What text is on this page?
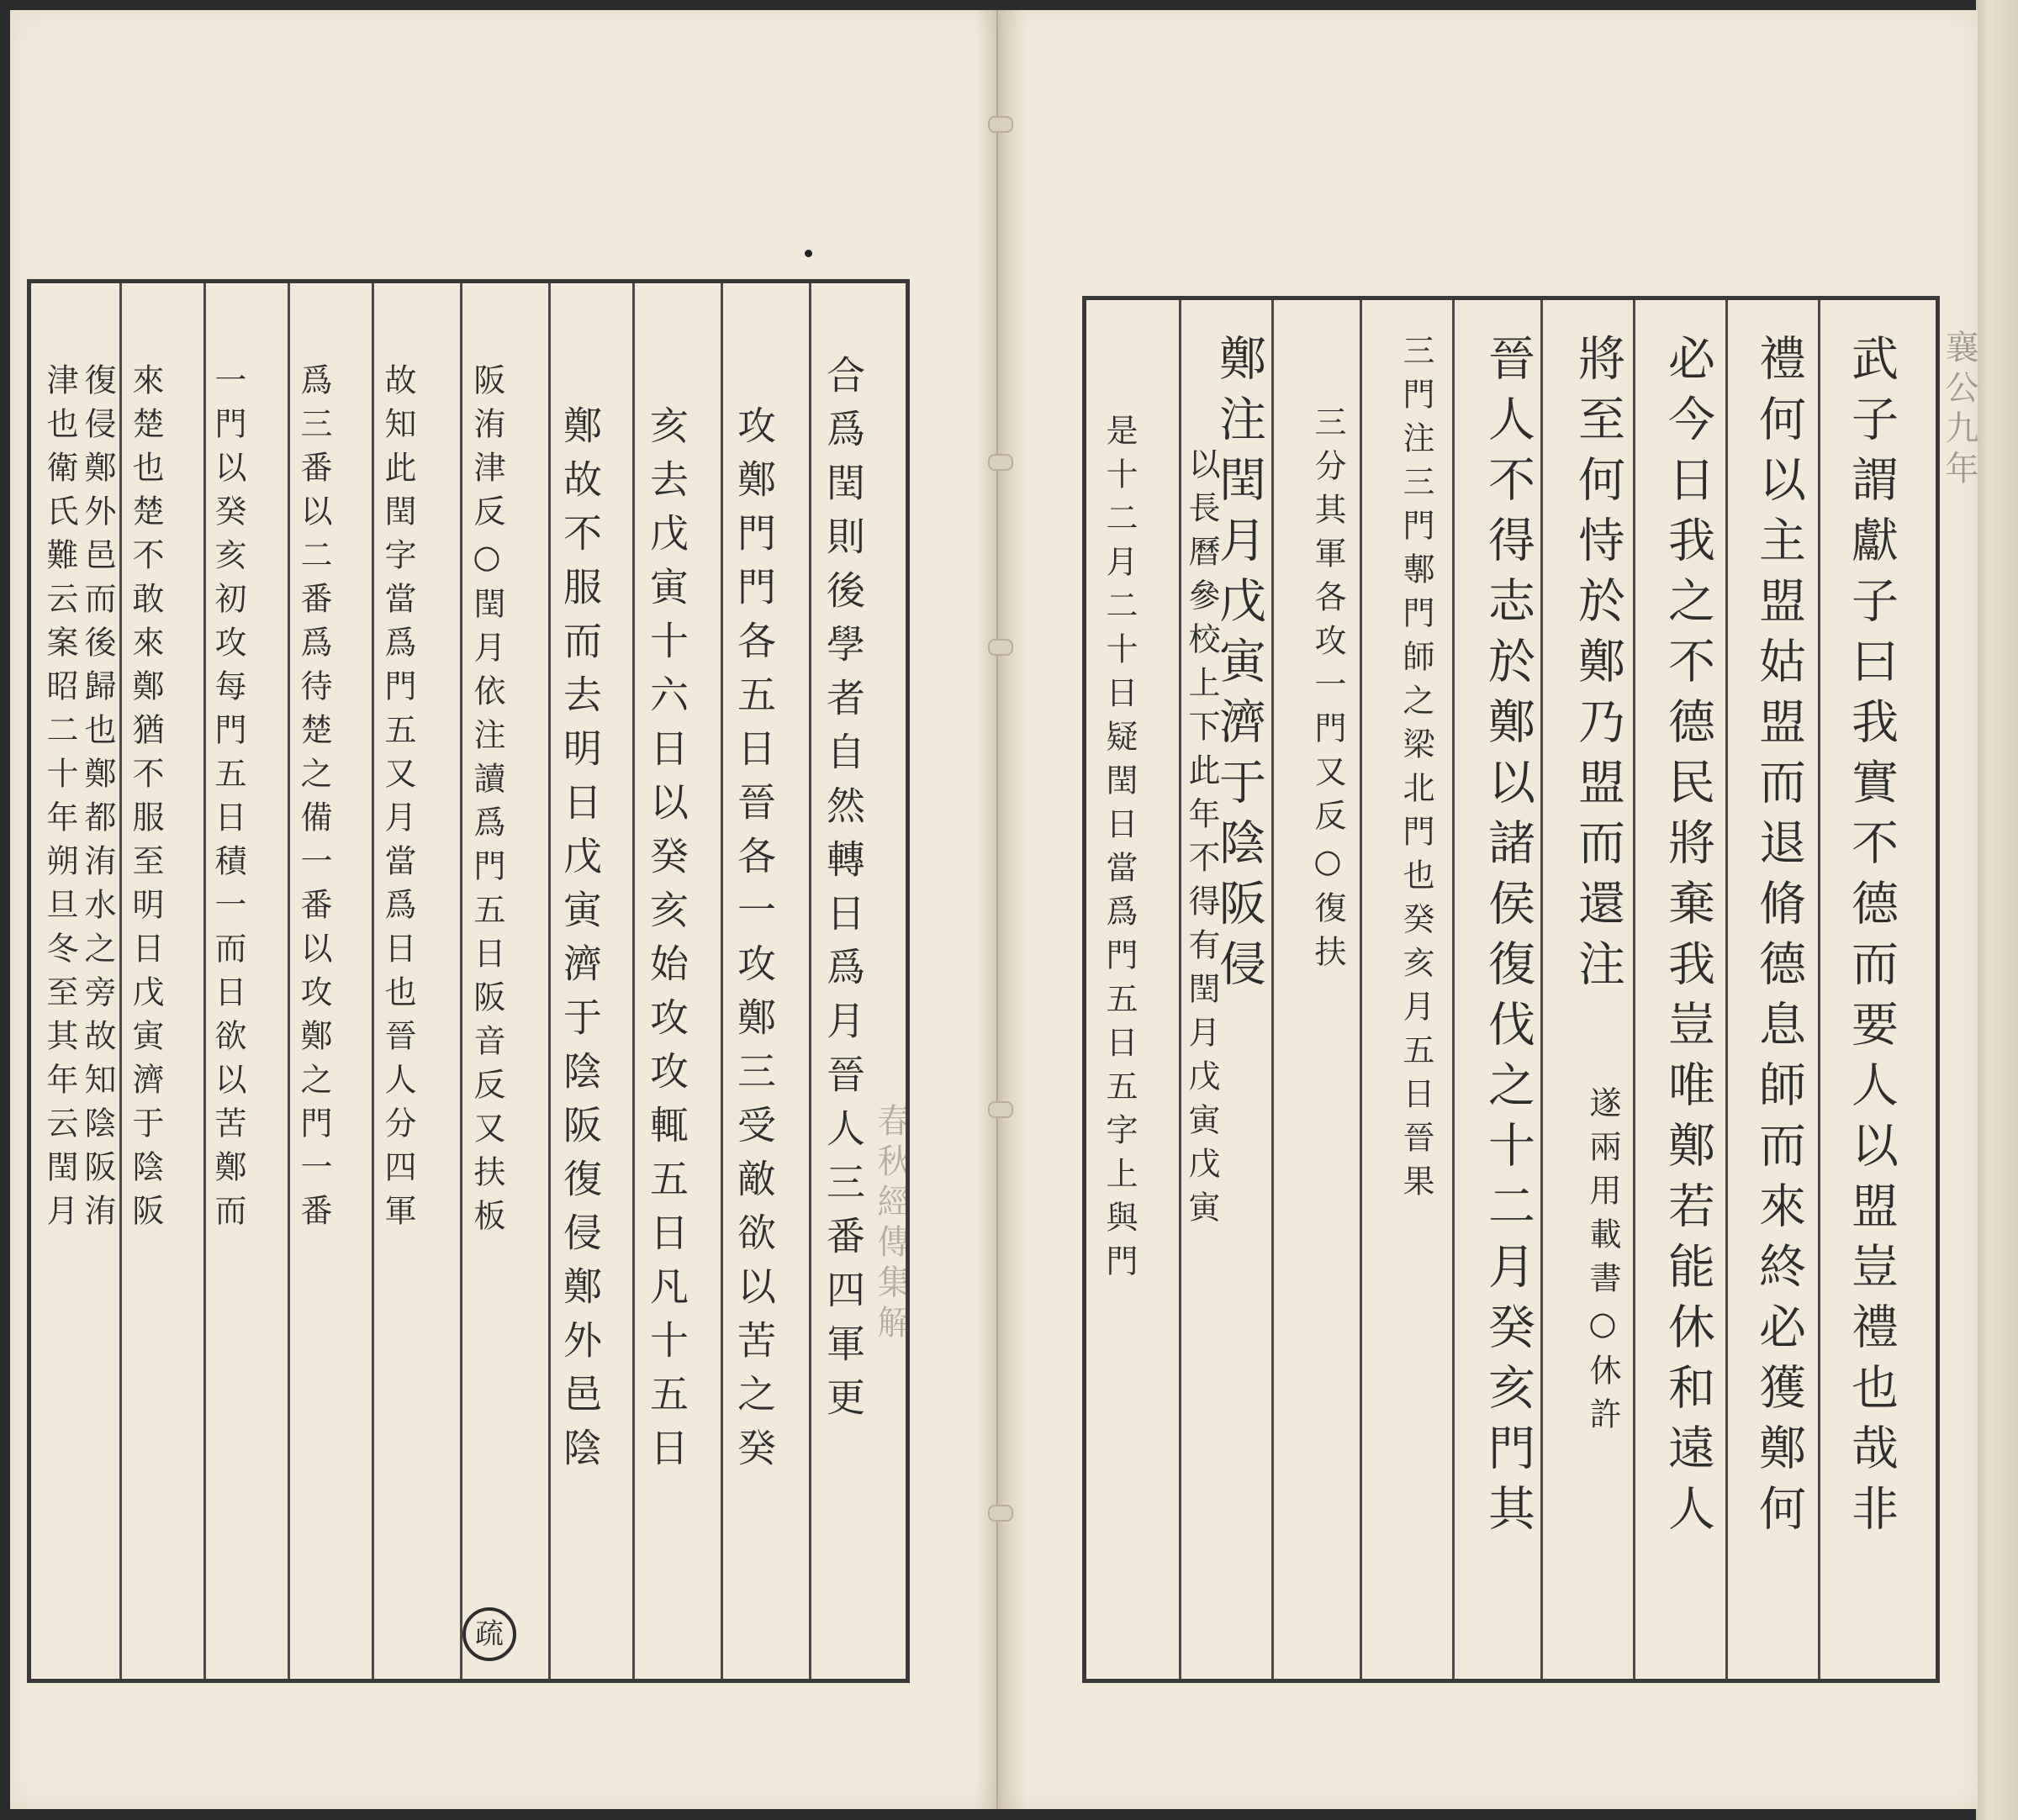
合爲閏則後學者自然轉日爲月晉人三番四軍更
攻鄭門門各五日晉各一攻鄭三受敵欲以苦之癸
亥去戊寅十六日以癸亥始攻攻輒五日凡十五日
鄭故不服而去明日戊寅濟于陰阪復侵鄭外邑陰
阪洧津反○閏月依注讀爲門五日阪音反又扶板
故知此閏字當爲門五又月當爲日也晉人分四軍
爲三番以二番爲待楚之備一番以攻鄭之門一番
一門以癸亥初攻每門五日積一而日欲以苦鄭而
來楚也楚不敢來鄭猶不服至明日戊寅濟于陰阪
復侵鄭外邑而後歸也鄭都洧水之旁故知陰阪洧
津也衛氏難云案昭二十年朔旦冬至其年云閏月	春秋經傳集解
疏
武子謂獻子曰我實不德而要人以盟豈禮也哉非
禮何以主盟姑盟而退脩德息師而來終必獲鄭何
必今日我之不德民將棄我豈唯鄭若能休和遠人
將至何恃於鄭乃盟而還注
晉人不得志於鄭以諸侯復伐之十二月癸亥門其
三門注三門鄟門師之梁北門也癸亥月五日晉果
三分其軍各攻一門又反○復扶
鄭注閏月戊寅濟于陰阪侵
以長曆參校上下此年不得有閏月戊寅戊寅
是十二月二十日疑閏日當爲門五日五字上與門	遂兩用載書○休許
襄公九年
